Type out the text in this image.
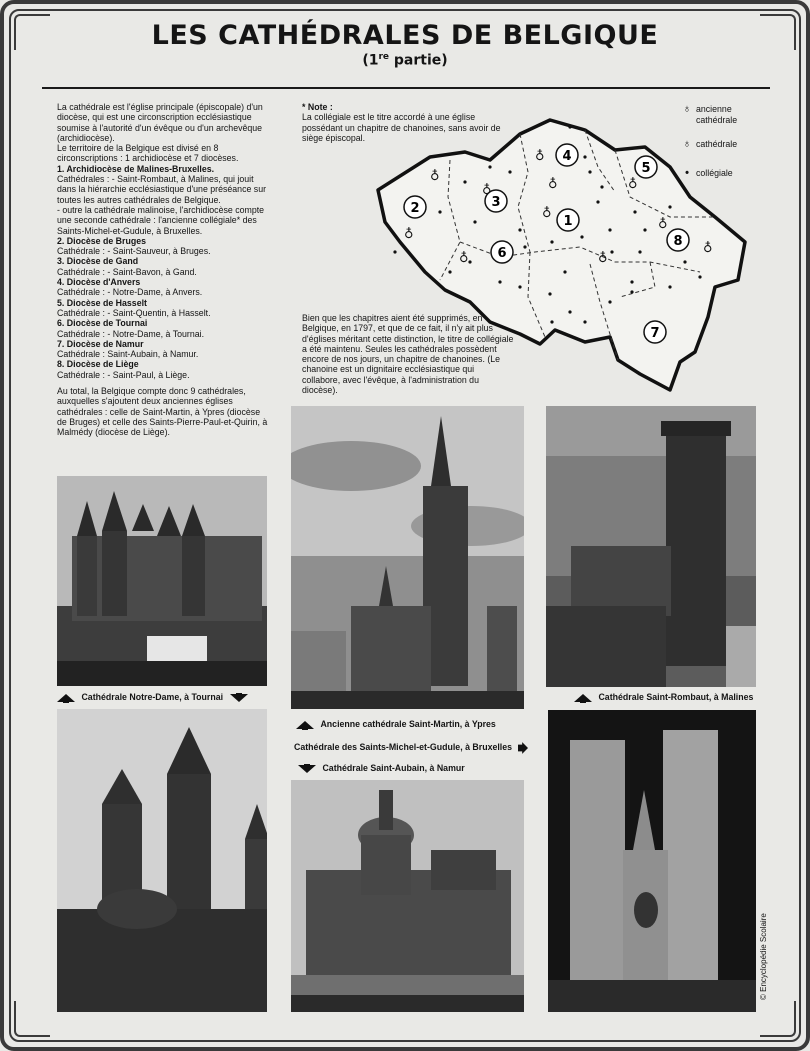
LES CATHÉDRALES DE BELGIQUE
(1re partie)

La cathédrale est l'église principale (épiscopale) d'un diocèse, qui est une circonscription ecclésiastique soumise à l'autorité d'un évêque ou d'un archevêque (archidiocèse).

Le territoire de la Belgique est divisé en 8 circonscriptions : 1 archidiocèse et 7 diocèses.

1. Archidiocèse de Malines-Bruxelles.

Cathédrales : - Saint-Rombaut, à Malines, qui jouit dans la hiérarchie ecclésiastique d'une préséance sur toutes les autres cathédrales de Belgique.

- outre la cathédrale malinoise, l'archidiocèse compte une seconde cathédrale : l'ancienne collégiale* des Saints-Michel-et-Gudule, à Bruxelles.

2. Diocèse de Bruges

Cathédrale : - Saint-Sauveur, à Bruges.

3. Diocèse de Gand

Cathédrale : - Saint-Bavon, à Gand.

4. Diocèse d'Anvers

Cathédrale : - Notre-Dame, à Anvers.

5. Diocèse de Hasselt

Cathédrale : - Saint-Quentin, à Hasselt.

6. Diocèse de Tournai

Cathédrale : - Notre-Dame, à Tournai.

7. Diocèse de Namur

Cathédrale : Saint-Aubain, à Namur.

8. Diocèse de Liège

Cathédrale : - Saint-Paul, à Liège.

Au total, la Belgique compte donc 9 cathédrales, auxquelles s'ajoutent deux anciennes églises cathédrales : celle de Saint-Martin, à Ypres (diocèse de Bruges) et celle des Saints-Pierre-Paul-et-Quirin, à Malmédy (diocèse de Liège).

* Note :

La collégiale est le titre accordé à une église possédant un chapitre de chanoines, sans avoir de siège épiscopal.

♁ ancienne
cathédrale
♁ cathédrale
• collégiale
1
2	3
4
5
6
7
8
♁
♁
♁
♁
♁
♁
♁
♁
♁
♁	♁
Bien que les chapitres aient été supprimés, en Belgique, en 1797, et que de ce fait, il n'y ait plus d'églises méritant cette distinction, le titre de collégiale a été maintenu. Seules les cathédrales possèdent encore de nos jours, un chapitre de chanoines. (Le chanoine est un dignitaire ecclésiastique qui collabore, avec l'évêque, à l'administration du diocèse).
Cathédrale Notre-Dame, à Tournai	Cathédrale Saint-Rombaut, à Malines
Ancienne cathédrale Saint-Martin, à Ypres
Cathédrale des Saints-Michel-et-Gudule, à Bruxelles
Cathédrale Saint-Aubain, à Namur
© Encyclopédie Scolaire
